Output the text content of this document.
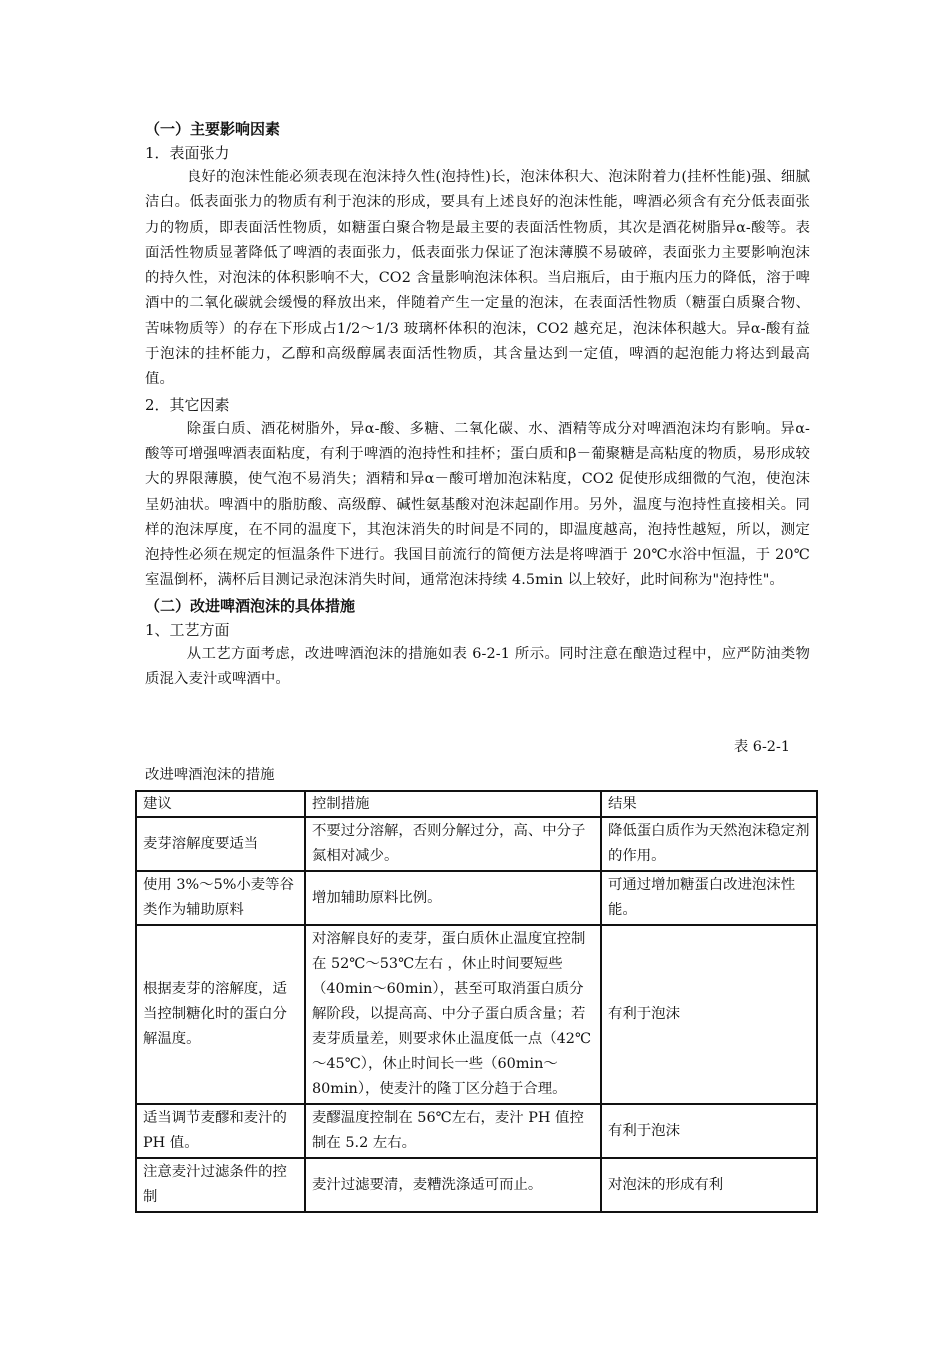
（一）主要影响因素

1．表面张力

良好的泡沫性能必须表现在泡沫持久性(泡持性)长，泡沫体积大、泡沫附着力(挂杯性能)强、细腻洁白。低表面张力的物质有利于泡沫的形成，要具有上述良好的泡沫性能，啤酒必须含有充分低表面张力的物质，即表面活性物质，如糖蛋白聚合物是最主要的表面活性物质，其次是酒花树脂异α-酸等。表面活性物质显著降低了啤酒的表面张力，低表面张力保证了泡沫薄膜不易破碎，表面张力主要影响泡沫的持久性，对泡沫的体积影响不大，CO2 含量影响泡沫体积。当启瓶后，由于瓶内压力的降低，溶于啤酒中的二氧化碳就会缓慢的释放出来，伴随着产生一定量的泡沫，在表面活性物质（糖蛋白质聚合物、苦味物质等）的存在下形成占1/2～1/3 玻璃杯体积的泡沫，CO2 越充足，泡沫体积越大。异α-酸有益于泡沫的挂杯能力，乙醇和高级醇属表面活性物质，其含量达到一定值，啤酒的起泡能力将达到最高值。

2．其它因素

除蛋白质、酒花树脂外，异α-酸、多糖、二氧化碳、水、酒精等成分对啤酒泡沫均有影响。异α-酸等可增强啤酒表面粘度，有利于啤酒的泡持性和挂杯；蛋白质和β－葡聚糖是高粘度的物质，易形成较大的界限薄膜，使气泡不易消失；酒精和异α－酸可增加泡沫粘度，CO2 促使形成细微的气泡，使泡沫呈奶油状。啤酒中的脂肪酸、高级醇、碱性氨基酸对泡沫起副作用。另外，温度与泡持性直接相关。同样的泡沫厚度，在不同的温度下，其泡沫消失的时间是不同的，即温度越高，泡持性越短，所以，测定泡持性必须在规定的恒温条件下进行。我国目前流行的简便方法是将啤酒于 20℃水浴中恒温，于 20℃室温倒杯，满杯后目测记录泡沫消失时间，通常泡沫持续 4.5min 以上较好，此时间称为"泡持性"。

（二）改进啤酒泡沫的具体措施

1、工艺方面

从工艺方面考虑，改进啤酒泡沫的措施如表 6-2-1 所示。同时注意在酿造过程中，应严防油类物质混入麦汁或啤酒中。

表 6-2-1

改进啤酒泡沫的措施

建议	控制措施	结果
麦芽溶解度要适当	不要过分溶解，否则分解过分，高、中分子氮相对减少。	降低蛋白质作为天然泡沫稳定剂的作用。
使用 3%～5%小麦等谷类作为辅助原料	增加辅助原料比例。	可通过增加糖蛋白改进泡沫性能。
根据麦芽的溶解度，适当控制糖化时的蛋白分解温度。	对溶解良好的麦芽，蛋白质休止温度宜控制在 52℃～53℃左右 ，休止时间要短些（40min～60min），甚至可取消蛋白质分解阶段，以提高高、中分子蛋白质含量；若麦芽质量差，则要求休止温度低一点（42℃～45℃），休止时间长一些（60min～80min），使麦汁的隆丁区分趋于合理。	有利于泡沫
适当调节麦醪和麦汁的 PH 值。	麦醪温度控制在 56℃左右，麦汁 PH 值控制在 5.2 左右。	有利于泡沫
注意麦汁过滤条件的控制	麦汁过滤要清，麦糟洗涤适可而止。	对泡沫的形成有利
